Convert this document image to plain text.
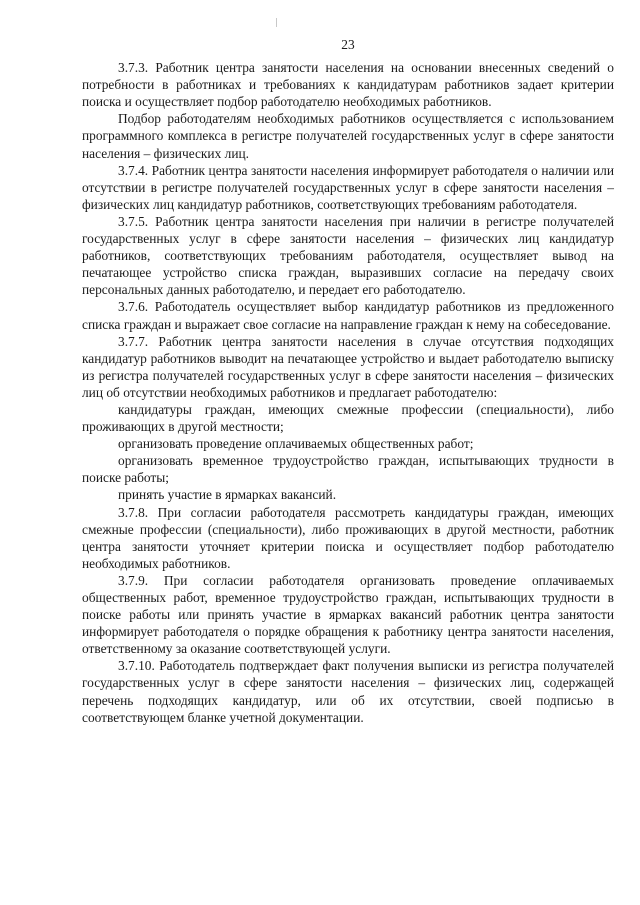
23

3.7.3. Работник центра занятости населения на основании внесенных сведений о потребности в работниках и требованиях к кандидатурам работников задает критерии поиска и осуществляет подбор работодателю необходимых работников.

Подбор работодателям необходимых работников осуществляется с использованием программного комплекса в регистре получателей государственных услуг в сфере занятости населения – физических лиц.

3.7.4. Работник центра занятости населения информирует работодателя о наличии или отсутствии в регистре получателей государственных услуг в сфере занятости населения – физических лиц кандидатур работников, соответствующих требованиям работодателя.

3.7.5. Работник центра занятости населения при наличии в регистре получателей государственных услуг в сфере занятости населения – физических лиц кандидатур работников, соответствующих требованиям работодателя, осуществляет вывод на печатающее устройство списка граждан, выразивших согласие на передачу своих персональных данных работодателю, и передает его работодателю.

3.7.6. Работодатель осуществляет выбор кандидатур работников из предложенного списка граждан и выражает свое согласие на направление граждан к нему на собеседование.

3.7.7. Работник центра занятости населения в случае отсутствия подходящих кандидатур работников выводит на печатающее устройство и выдает работодателю выписку из регистра получателей государственных услуг в сфере занятости населения – физических лиц об отсутствии необходимых работников и предлагает работодателю:

кандидатуры граждан, имеющих смежные профессии (специальности), либо проживающих в другой местности;

организовать проведение оплачиваемых общественных работ;

организовать временное трудоустройство граждан, испытывающих трудности в поиске работы;

принять участие в ярмарках вакансий.

3.7.8. При согласии работодателя рассмотреть кандидатуры граждан, имеющих смежные профессии (специальности), либо проживающих в другой местности, работник центра занятости уточняет критерии поиска и осуществляет подбор работодателю необходимых работников.

3.7.9. При согласии работодателя организовать проведение оплачиваемых общественных работ, временное трудоустройство граждан, испытывающих трудности в поиске работы или принять участие в ярмарках вакансий работник центра занятости информирует работодателя о порядке обращения к работнику центра занятости населения, ответственному за оказание соответствующей услуги.

3.7.10. Работодатель подтверждает факт получения выписки из регистра получателей государственных услуг в сфере занятости населения – физических лиц, содержащей перечень подходящих кандидатур, или об их отсутствии, своей подписью в соответствующем бланке учетной документации.
